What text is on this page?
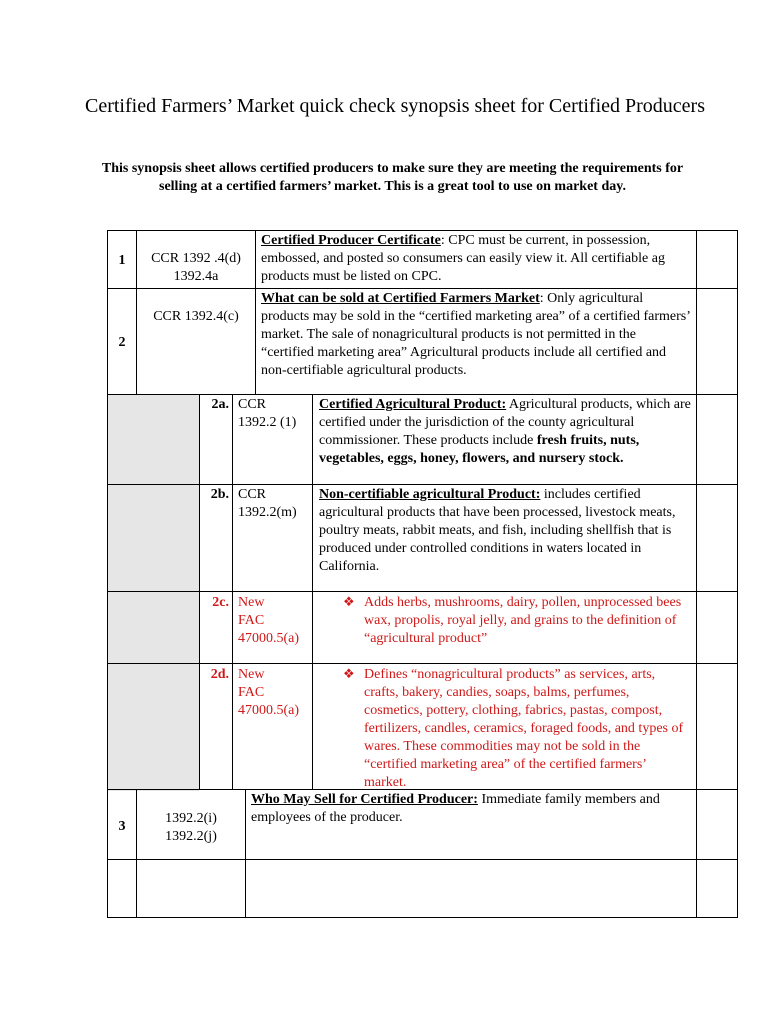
Certified Farmers’ Market quick check synopsis sheet for Certified Producers
This synopsis sheet allows certified producers to make sure they are meeting the requirements for selling at a certified farmers’ market. This is a great tool to use on market day.
1	CCR 1392 .4(d)
1392.4a
Certified Producer Certificate: CPC must be current, in possession, embossed, and posted so consumers can easily view it. All certifiable ag products must be listed on CPC.
2
CCR 1392.4(c)
What can be sold at Certified Farmers Market: Only agricultural products may be sold in the “certified marketing area” of a certified farmers’ market. The sale of nonagricultural products is not permitted in the “certified marketing area” Agricultural products include all certified and non-certifiable agricultural products.
2a. CCR
1392.2 (1)
Certified Agricultural Product: Agricultural products, which are certified under the jurisdiction of the county agricultural commissioner. These products include fresh fruits, nuts, vegetables, eggs, honey, flowers, and nursery stock.
2b. CCR
1392.2(m)
Non-certifiable agricultural Product: includes certified agricultural products that have been processed, livestock meats, poultry meats, rabbit meats, and fish, including shellfish that is produced under controlled conditions in waters located in California.
2c. New
FAC
47000.5(a)
❖ Adds herbs, mushrooms, dairy, pollen, unprocessed bees wax, propolis, royal jelly, and grains to the definition of “agricultural product”
2d. New
FAC
47000.5(a)
❖ Defines “nonagricultural products” as services, arts, crafts, bakery, candies, soaps, balms, perfumes, cosmetics, pottery, clothing, fabrics, pastas, compost, fertilizers, candles, ceramics, foraged foods, and types of wares. These commodities may not be sold in the “certified marketing area” of the certified farmers’ market.
3
1392.2(i)
1392.2(j)
Who May Sell for Certified Producer: Immediate family members and employees of the producer.
